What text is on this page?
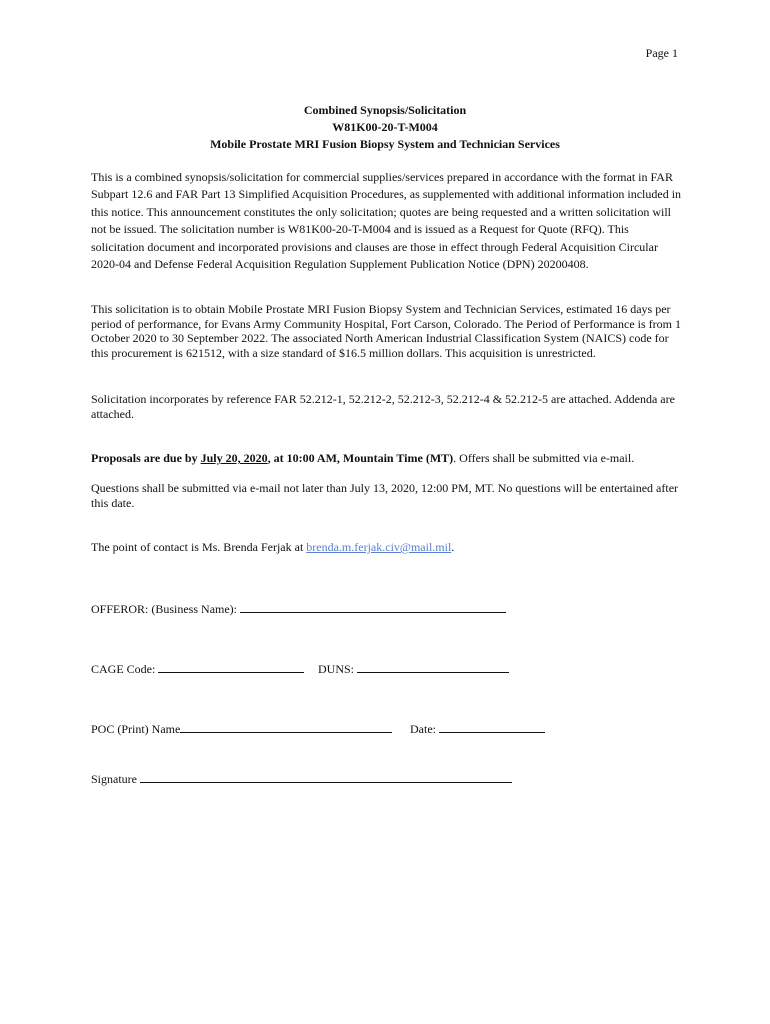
Page 1
Combined Synopsis/Solicitation
W81K00-20-T-M004
Mobile Prostate MRI Fusion Biopsy System and Technician Services
This is a combined synopsis/solicitation for commercial supplies/services prepared in accordance with the format in FAR Subpart 12.6 and FAR Part 13 Simplified Acquisition Procedures, as supplemented with additional information included in this notice. This announcement constitutes the only solicitation; quotes are being requested and a written solicitation will not be issued. The solicitation number is W81K00-20-T-M004 and is issued as a Request for Quote (RFQ). This solicitation document and incorporated provisions and clauses are those in effect through Federal Acquisition Circular 2020-04 and Defense Federal Acquisition Regulation Supplement Publication Notice (DPN) 20200408.
This solicitation is to obtain Mobile Prostate MRI Fusion Biopsy System and Technician Services, estimated 16 days per period of performance, for Evans Army Community Hospital, Fort Carson, Colorado. The Period of Performance is from 1 October 2020 to 30 September 2022. The associated North American Industrial Classification System (NAICS) code for this procurement is 621512, with a size standard of $16.5 million dollars. This acquisition is unrestricted.
Solicitation incorporates by reference FAR 52.212-1, 52.212-2, 52.212-3, 52.212-4 & 52.212-5 are attached. Addenda are attached.
Proposals are due by July 20, 2020, at 10:00 AM, Mountain Time (MT). Offers shall be submitted via e-mail.
Questions shall be submitted via e-mail not later than July 13, 2020, 12:00 PM, MT. No questions will be entertained after this date.
The point of contact is Ms. Brenda Ferjak at brenda.m.ferjak.civ@mail.mil.
OFFEROR: (Business Name):
CAGE Code:	DUNS:
POC (Print) Name	Date:
Signature
